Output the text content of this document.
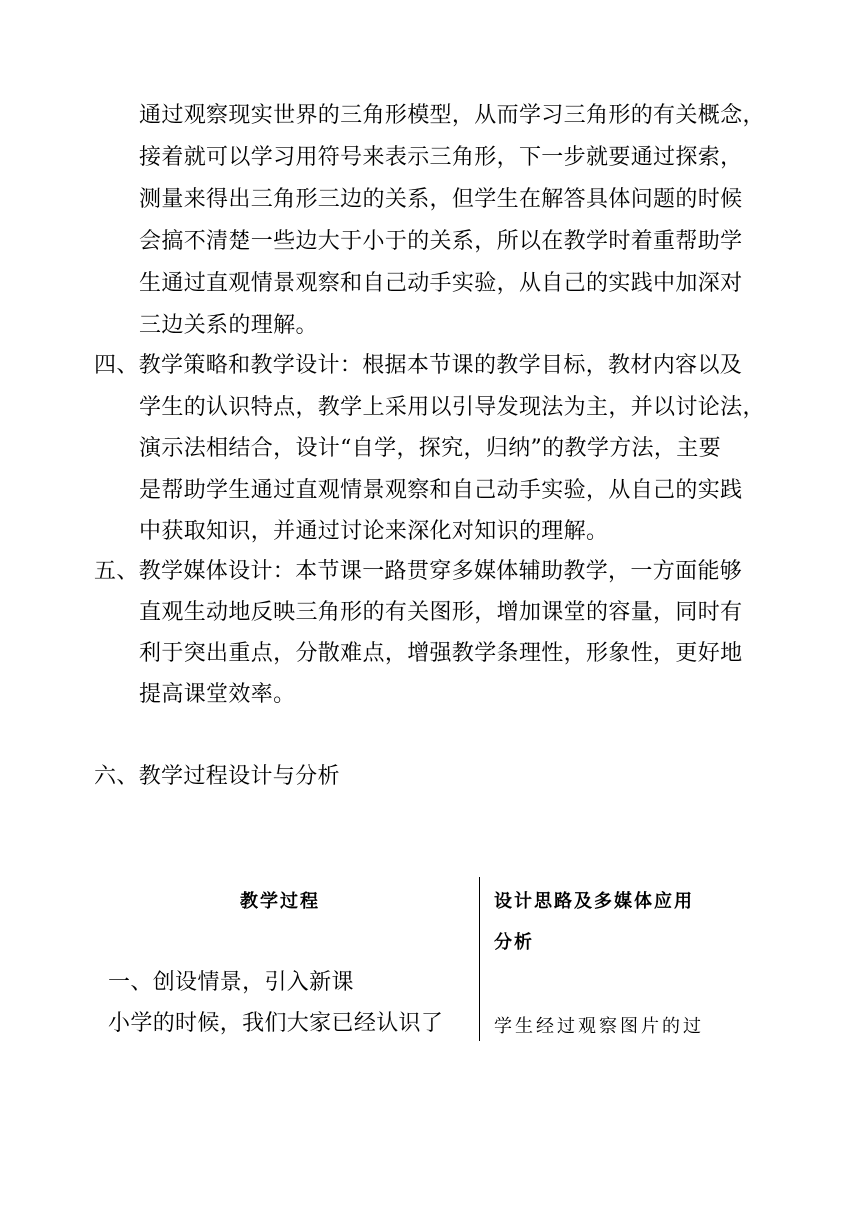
通过观察现实世界的三角形模型，从而学习三角形的有关概念，
接着就可以学习用符号来表示三角形，下一步就要通过探索，
测量来得出三角形三边的关系，但学生在解答具体问题的时候
会搞不清楚一些边大于小于的关系，所以在教学时着重帮助学
生通过直观情景观察和自己动手实验，从自己的实践中加深对
三边关系的理解。
四、教学策略和教学设计：根据本节课的教学目标，教材内容以及
学生的认识特点，教学上采用以引导发现法为主，并以讨论法，
演示法相结合，设计“自学，探究，归纳”的教学方法，主要
是帮助学生通过直观情景观察和自己动手实验，从自己的实践
中获取知识，并通过讨论来深化对知识的理解。
五、教学媒体设计：本节课一路贯穿多媒体辅助教学，一方面能够
直观生动地反映三角形的有关图形，增加课堂的容量，同时有
利于突出重点，分散难点，增强教学条理性，形象性，更好地
提高课堂效率。
六、教学过程设计与分析
教学过程	设计思路及多媒体应用
分析
一、创设情景，引入新课
小学的时候，我们大家已经认识了	学生经过观察图片的过
